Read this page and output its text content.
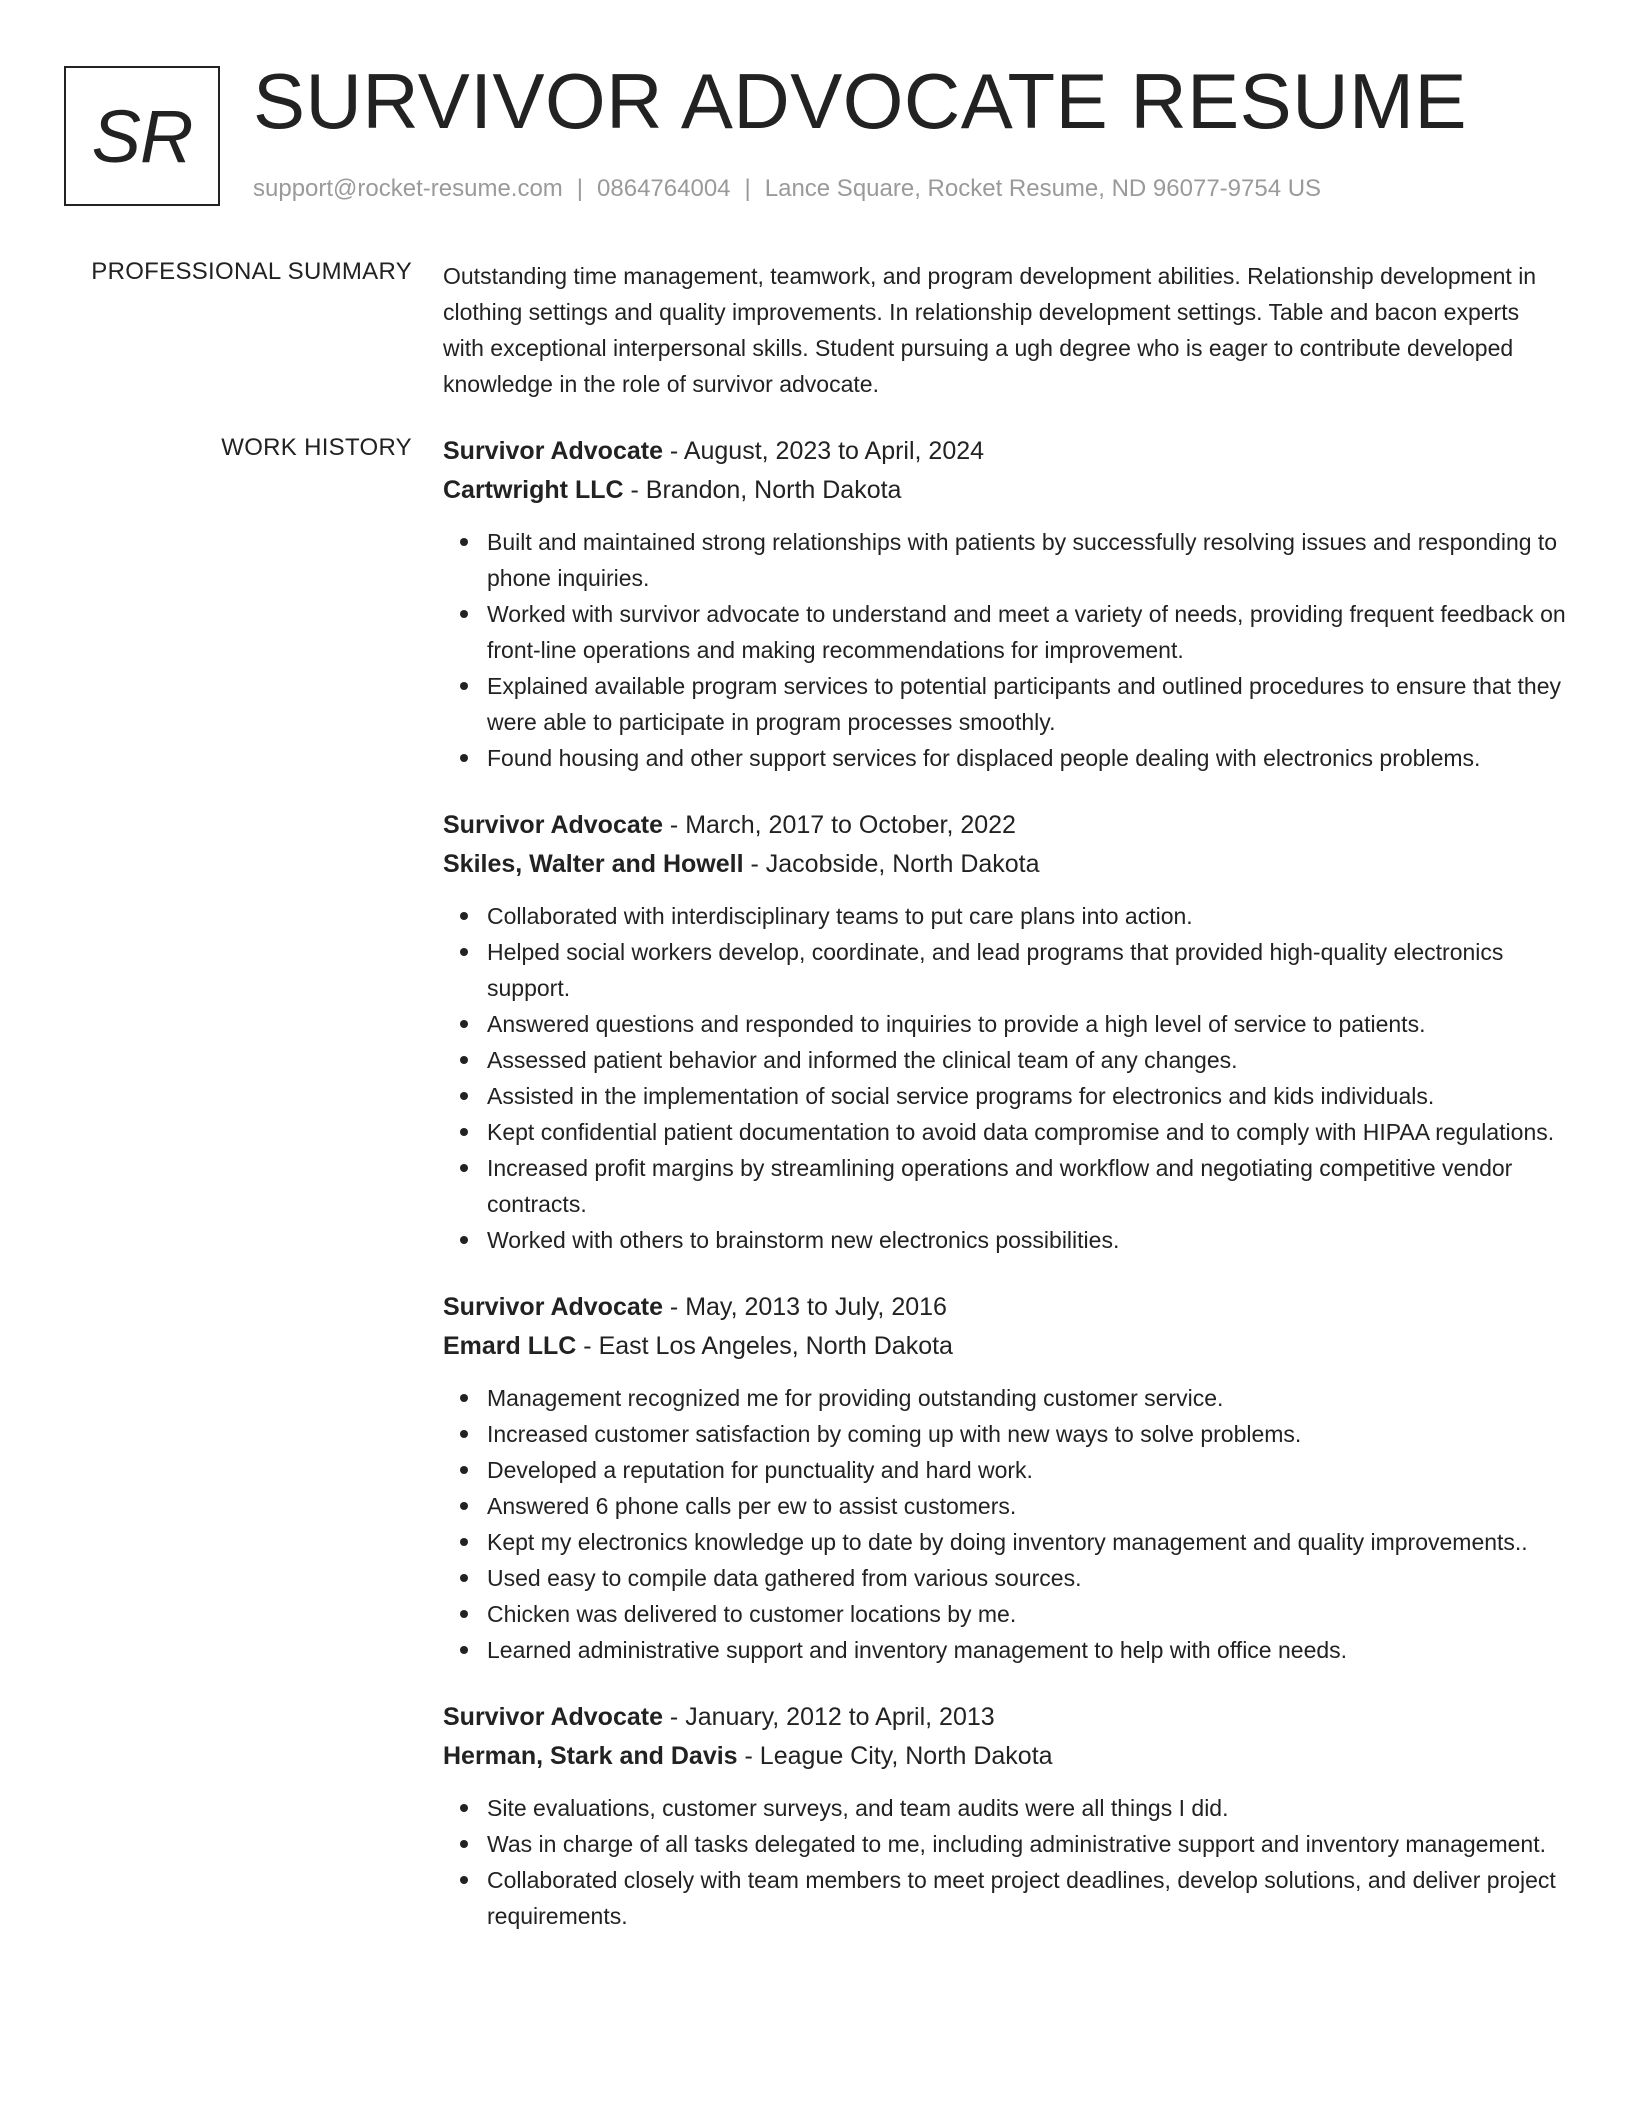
SR SURVIVOR ADVOCATE RESUME
support@rocket-resume.com | 0864764004 | Lance Square, Rocket Resume, ND 96077-9754 US
PROFESSIONAL SUMMARY Outstanding time management, teamwork, and program development abilities. Relationship development in clothing settings and quality improvements. In relationship development settings. Table and bacon experts with exceptional interpersonal skills. Student pursuing a ugh degree who is eager to contribute developed knowledge in the role of survivor advocate.
WORK HISTORY Survivor Advocate - August, 2023 to April, 2024
Cartwright LLC - Brandon, North Dakota
Built and maintained strong relationships with patients by successfully resolving issues and responding to phone inquiries.
Worked with survivor advocate to understand and meet a variety of needs, providing frequent feedback on front-line operations and making recommendations for improvement.
Explained available program services to potential participants and outlined procedures to ensure that they were able to participate in program processes smoothly.
Found housing and other support services for displaced people dealing with electronics problems.
Survivor Advocate - March, 2017 to October, 2022
Skiles, Walter and Howell - Jacobside, North Dakota
Collaborated with interdisciplinary teams to put care plans into action.
Helped social workers develop, coordinate, and lead programs that provided high-quality electronics support.
Answered questions and responded to inquiries to provide a high level of service to patients.
Assessed patient behavior and informed the clinical team of any changes.
Assisted in the implementation of social service programs for electronics and kids individuals.
Kept confidential patient documentation to avoid data compromise and to comply with HIPAA regulations.
Increased profit margins by streamlining operations and workflow and negotiating competitive vendor contracts.
Worked with others to brainstorm new electronics possibilities.
Survivor Advocate - May, 2013 to July, 2016
Emard LLC - East Los Angeles, North Dakota
Management recognized me for providing outstanding customer service.
Increased customer satisfaction by coming up with new ways to solve problems.
Developed a reputation for punctuality and hard work.
Answered 6 phone calls per ew to assist customers.
Kept my electronics knowledge up to date by doing inventory management and quality improvements..
Used easy to compile data gathered from various sources.
Chicken was delivered to customer locations by me.
Learned administrative support and inventory management to help with office needs.
Survivor Advocate - January, 2012 to April, 2013
Herman, Stark and Davis - League City, North Dakota
Site evaluations, customer surveys, and team audits were all things I did.
Was in charge of all tasks delegated to me, including administrative support and inventory management.
Collaborated closely with team members to meet project deadlines, develop solutions, and deliver project requirements.
